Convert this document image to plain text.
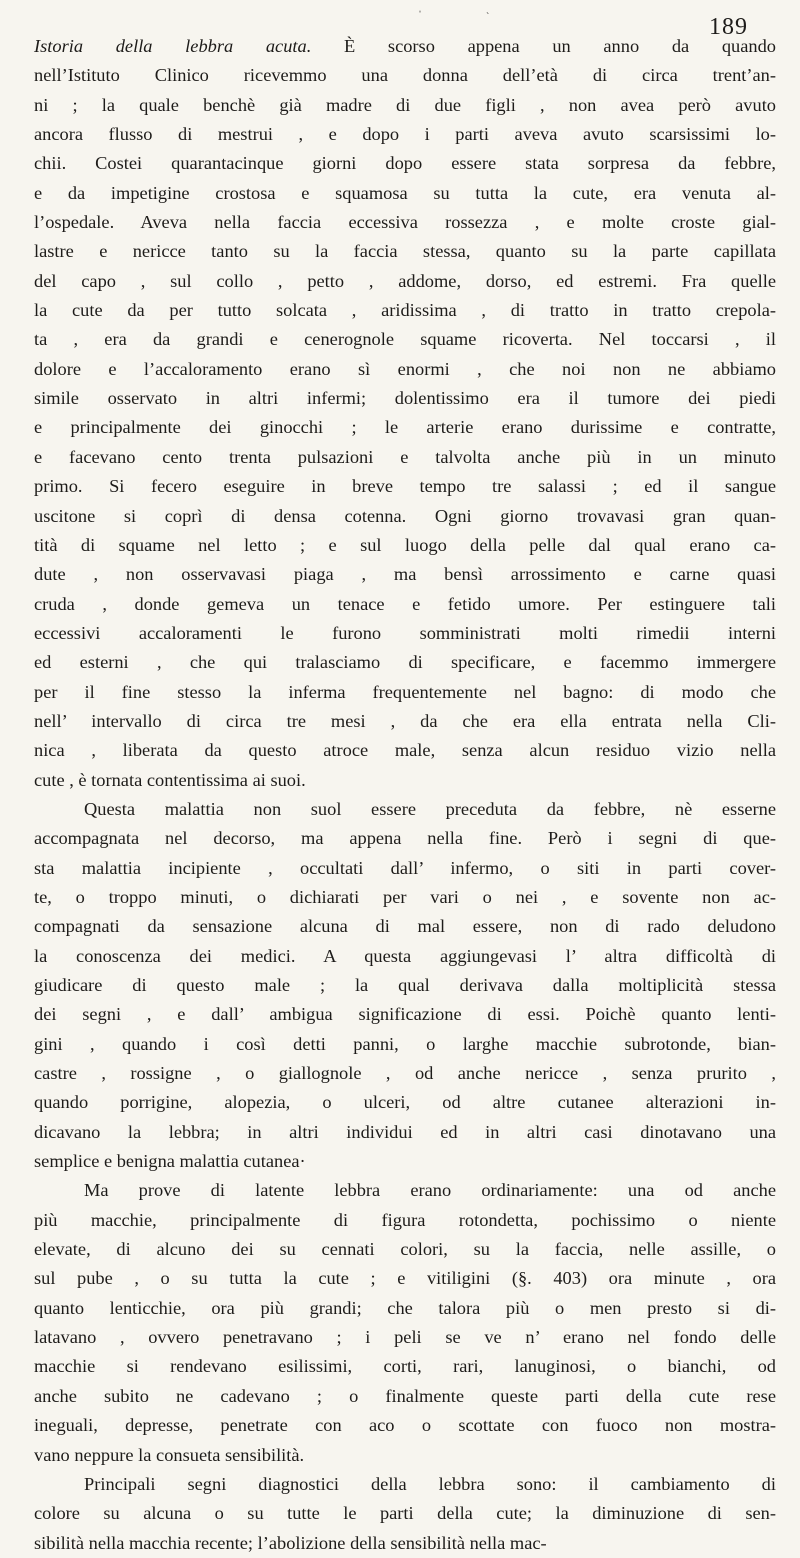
ˈ	ˋ	189
Istoria della lebbra acuta. È scorso appena un anno da quando
nell’Istituto Clinico ricevemmo una donna dell’età di circa trent’an-
ni ; la quale benchè già madre di due figli , non avea però avuto
ancora flusso di mestrui , e dopo i parti aveva avuto scarsissimi lo-
chii. Costei quarantacinque giorni dopo essere stata sorpresa da febbre,
e da impetigine crostosa e squamosa su tutta la cute, era venuta al-
l’ospedale. Aveva nella faccia eccessiva rossezza , e molte croste gial-
lastre e nericce tanto su la faccia stessa, quanto su la parte capillata
del capo , sul collo , petto , addome, dorso, ed estremi. Fra quelle
la cute da per tutto solcata , aridissima , di tratto in tratto crepola-
ta , era da grandi e cenerognole squame ricoverta. Nel toccarsi , il
dolore e l’accaloramento erano sì enormi , che noi non ne abbiamo
simile osservato in altri infermi; dolentissimo era il tumore dei piedi
e principalmente dei ginocchi ; le arterie erano durissime e contratte,
e facevano cento trenta pulsazioni e talvolta anche più in un minuto
primo. Si fecero eseguire in breve tempo tre salassi ; ed il sangue
uscitone si coprì di densa cotenna. Ogni giorno trovavasi gran quan-
tità di squame nel letto ; e sul luogo della pelle dal qual erano ca-
dute , non osservavasi piaga , ma bensì arrossimento e carne quasi
cruda , donde gemeva un tenace e fetido umore. Per estinguere tali
eccessivi accaloramenti le furono somministrati molti rimedii interni
ed esterni , che qui tralasciamo di specificare, e facemmo immergere
per il fine stesso la inferma frequentemente nel bagno: di modo che
nell’ intervallo di circa tre mesi , da che era ella entrata nella Cli-
nica , liberata da questo atroce male, senza alcun residuo vizio nella
cute , è tornata contentissima ai suoi.
Questa malattia non suol essere preceduta da febbre, nè esserne
accompagnata nel decorso, ma appena nella fine. Però i segni di que-
sta malattia incipiente , occultati dall’ infermo, o siti in parti cover-
te, o troppo minuti, o dichiarati per vari o nei , e sovente non ac-
compagnati da sensazione alcuna di mal essere, non di rado deludono
la conoscenza dei medici. A questa aggiungevasi l’ altra difficoltà di
giudicare di questo male ; la qual derivava dalla moltiplicità stessa
dei segni , e dall’ ambigua significazione di essi. Poichè quanto lenti-
gini , quando i così detti panni, o larghe macchie subrotonde, bian-
castre , rossigne , o giallognole , od anche nericce , senza prurito ,
quando porrigine, alopezia, o ulceri, od altre cutanee alterazioni in-
dicavano la lebbra; in altri individui ed in altri casi dinotavano una
semplice e benigna malattia cutanea·
Ma prove di latente lebbra erano ordinariamente: una od anche
più macchie, principalmente di figura rotondetta, pochissimo o niente
elevate, di alcuno dei su cennati colori, su la faccia, nelle assille, o
sul pube , o su tutta la cute ; e vitiligini (§. 403) ora minute , ora
quanto lenticchie, ora più grandi; che talora più o men presto si di-
latavano , ovvero penetravano ; i peli se ve n’ erano nel fondo delle
macchie si rendevano esilissimi, corti, rari, lanuginosi, o bianchi, od
anche subito ne cadevano ; o finalmente queste parti della cute rese
ineguali, depresse, penetrate con aco o scottate con fuoco non mostra-
vano neppure la consueta sensibilità.
Principali segni diagnostici della lebbra sono: il cambiamento di
colore su alcuna o su tutte le parti della cute; la diminuzione di sen-
sibilità nella macchia recente; l’abolizione della sensibilità nella mac-
